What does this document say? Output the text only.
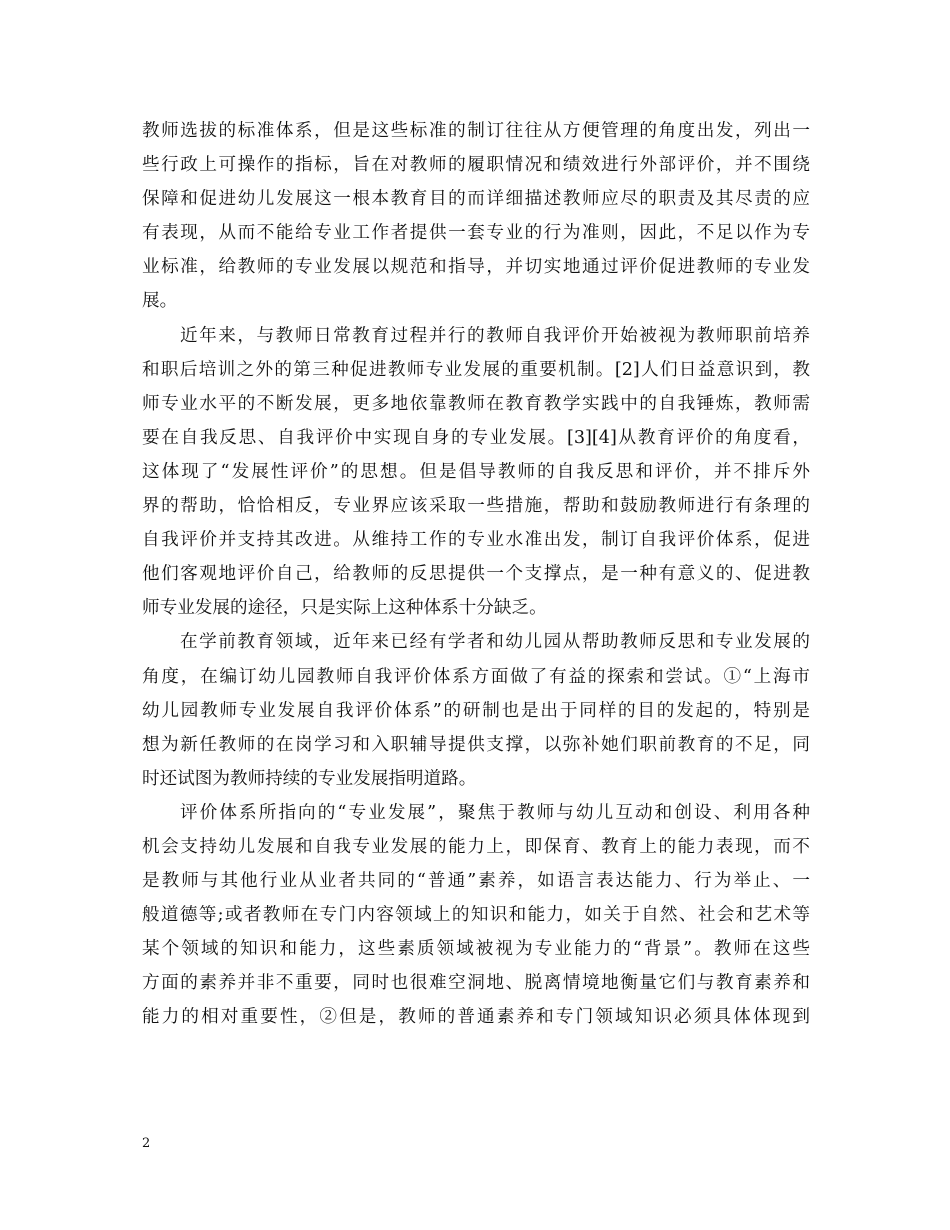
教师选拔的标准体系，但是这些标准的制订往往从方便管理的角度出发，列出一
些行政上可操作的指标，旨在对教师的履职情况和绩效进行外部评价，并不围绕
保障和促进幼儿发展这一根本教育目的而详细描述教师应尽的职责及其尽责的应
有表现，从而不能给专业工作者提供一套专业的行为准则，因此，不足以作为专
业标准，给教师的专业发展以规范和指导，并切实地通过评价促进教师的专业发
展。
近年来，与教师日常教育过程并行的教师自我评价开始被视为教师职前培养
和职后培训之外的第三种促进教师专业发展的重要机制。[2]人们日益意识到，教
师专业水平的不断发展，更多地依靠教师在教育教学实践中的自我锤炼，教师需
要在自我反思、自我评价中实现自身的专业发展。[3][4]从教育评价的角度看，
这体现了“发展性评价”的思想。但是倡导教师的自我反思和评价，并不排斥外
界的帮助，恰恰相反，专业界应该采取一些措施，帮助和鼓励教师进行有条理的
自我评价并支持其改进。从维持工作的专业水准出发，制订自我评价体系，促进
他们客观地评价自己，给教师的反思提供一个支撑点，是一种有意义的、促进教
师专业发展的途径，只是实际上这种体系十分缺乏。
在学前教育领域，近年来已经有学者和幼儿园从帮助教师反思和专业发展的
角度，在编订幼儿园教师自我评价体系方面做了有益的探索和尝试。①“上海市
幼儿园教师专业发展自我评价体系”的研制也是出于同样的目的发起的，特别是
想为新任教师的在岗学习和入职辅导提供支撑，以弥补她们职前教育的不足，同
时还试图为教师持续的专业发展指明道路。
评价体系所指向的“专业发展”，聚焦于教师与幼儿互动和创设、利用各种
机会支持幼儿发展和自我专业发展的能力上，即保育、教育上的能力表现，而不
是教师与其他行业从业者共同的“普通”素养，如语言表达能力、行为举止、一
般道德等;或者教师在专门内容领域上的知识和能力，如关于自然、社会和艺术等
某个领域的知识和能力，这些素质领域被视为专业能力的“背景”。教师在这些
方面的素养并非不重要，同时也很难空洞地、脱离情境地衡量它们与教育素养和
能力的相对重要性，②但是，教师的普通素养和专门领域知识必须具体体现到
2
